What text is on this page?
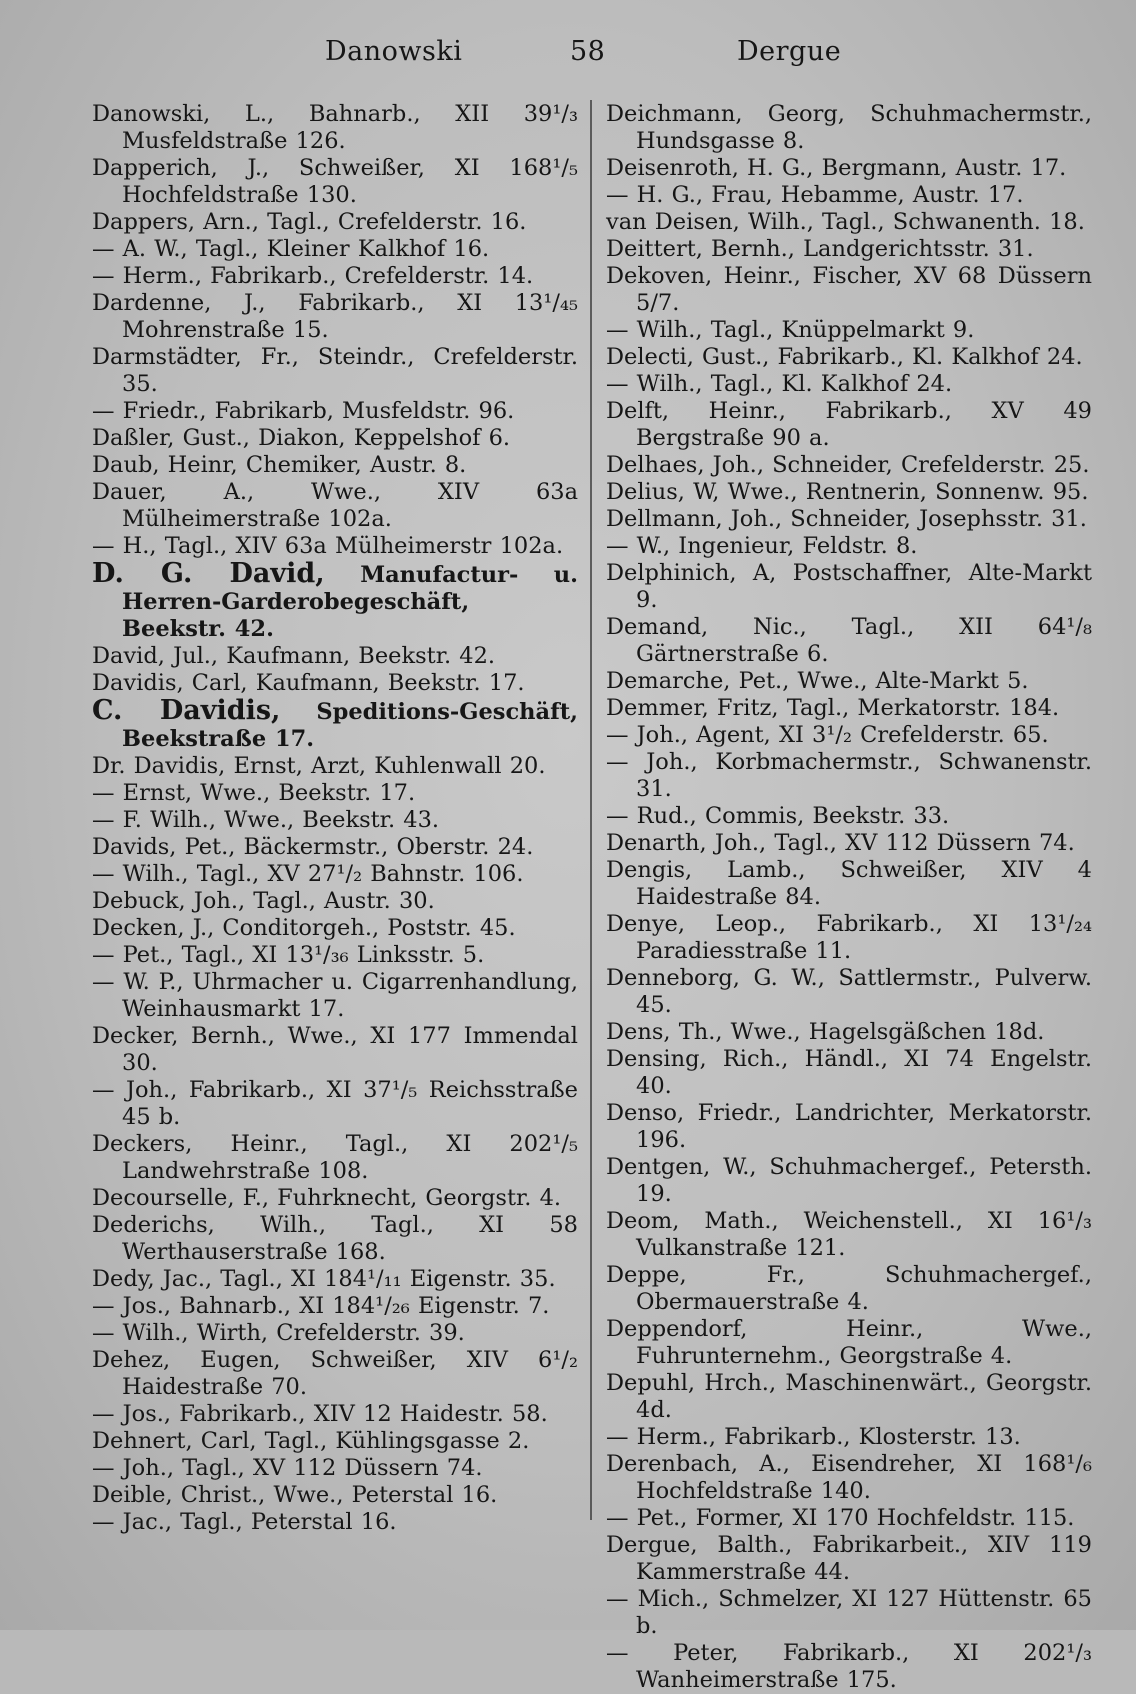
Danowski	58	Dergue
Danowski, L., Bahnarb., XII 39¹/₃ Musfeldstraße 126.
Dapperich, J., Schweißer, XI 168¹/₅ Hochfeldstraße 130.
Dappers, Arn., Tagl., Crefelderstr. 16.
— A. W., Tagl., Kleiner Kalkhof 16.
— Herm., Fabrikarb., Crefelderstr. 14.
Dardenne, J., Fabrikarb., XI 13¹/₄₅ Mohrenstraße 15.
Darmstädter, Fr., Steindr., Crefelderstr. 35.
— Friedr., Fabrikarb, Musfeldstr. 96.
Daßler, Gust., Diakon, Keppelshof 6.
Daub, Heinr, Chemiker, Austr. 8.
Dauer, A., Wwe., XIV 63a Mülheimerstraße 102a.
— H., Tagl., XIV 63a Mülheimerstr 102a.
D. G. David, Manufactur- u. Herren-Garderobegeschäft, Beekstr. 42.
David, Jul., Kaufmann, Beekstr. 42.
Davidis, Carl, Kaufmann, Beekstr. 17.
C. Davidis, Speditions-Geschäft, Beekstraße 17.
Dr. Davidis, Ernst, Arzt, Kuhlenwall 20.
— Ernst, Wwe., Beekstr. 17.
— F. Wilh., Wwe., Beekstr. 43.
Davids, Pet., Bäckermstr., Oberstr. 24.
— Wilh., Tagl., XV 27¹/₂ Bahnstr. 106.
Debuck, Joh., Tagl., Austr. 30.
Decken, J., Conditorgeh., Poststr. 45.
— Pet., Tagl., XI 13¹/₃₆ Linksstr. 5.
— W. P., Uhrmacher u. Cigarrenhandlung, Weinhausmarkt 17.
Decker, Bernh., Wwe., XI 177 Immendal 30.
— Joh., Fabrikarb., XI 37¹/₅ Reichsstraße 45 b.
Deckers, Heinr., Tagl., XI 202¹/₅ Landwehrstraße 108.
Decourselle, F., Fuhrknecht, Georgstr. 4.
Dederichs, Wilh., Tagl., XI 58 Werthauserstraße 168.
Dedy, Jac., Tagl., XI 184¹/₁₁ Eigenstr. 35.
— Jos., Bahnarb., XI 184¹/₂₆ Eigenstr. 7.
— Wilh., Wirth, Crefelderstr. 39.
Dehez, Eugen, Schweißer, XIV 6¹/₂ Haidestraße 70.
— Jos., Fabrikarb., XIV 12 Haidestr. 58.
Dehnert, Carl, Tagl., Kühlingsgasse 2.
— Joh., Tagl., XV 112 Düssern 74.
Deible, Christ., Wwe., Peterstal 16.
— Jac., Tagl., Peterstal 16.
Deichmann, Georg, Schuhmachermstr., Hundsgasse 8.
Deisenroth, H. G., Bergmann, Austr. 17.
— H. G., Frau, Hebamme, Austr. 17.
van Deisen, Wilh., Tagl., Schwanenth. 18.
Deittert, Bernh., Landgerichtsstr. 31.
Dekoven, Heinr., Fischer, XV 68 Düssern 5/7.
— Wilh., Tagl., Knüppelmarkt 9.
Delecti, Gust., Fabrikarb., Kl. Kalkhof 24.
— Wilh., Tagl., Kl. Kalkhof 24.
Delft, Heinr., Fabrikarb., XV 49 Bergstraße 90 a.
Delhaes, Joh., Schneider, Crefelderstr. 25.
Delius, W, Wwe., Rentnerin, Sonnenw. 95.
Dellmann, Joh., Schneider, Josephsstr. 31.
— W., Ingenieur, Feldstr. 8.
Delphinich, A, Postschaffner, Alte-Markt 9.
Demand, Nic., Tagl., XII 64¹/₈ Gärtnerstraße 6.
Demarche, Pet., Wwe., Alte-Markt 5.
Demmer, Fritz, Tagl., Merkatorstr. 184.
— Joh., Agent, XI 3¹/₂ Crefelderstr. 65.
— Joh., Korbmachermstr., Schwanenstr. 31.
— Rud., Commis, Beekstr. 33.
Denarth, Joh., Tagl., XV 112 Düssern 74.
Dengis, Lamb., Schweißer, XIV 4 Haidestraße 84.
Denye, Leop., Fabrikarb., XI 13¹/₂₄ Paradiesstraße 11.
Denneborg, G. W., Sattlermstr., Pulverw. 45.
Dens, Th., Wwe., Hagelsgäßchen 18d.
Densing, Rich., Händl., XI 74 Engelstr. 40.
Denso, Friedr., Landrichter, Merkatorstr. 196.
Dentgen, W., Schuhmachergef., Petersth. 19.
Deom, Math., Weichenstell., XI 16¹/₃ Vulkanstraße 121.
Deppe, Fr., Schuhmachergef., Obermauerstraße 4.
Deppendorf, Heinr., Wwe., Fuhrunternehm., Georgstraße 4.
Depuhl, Hrch., Maschinenwärt., Georgstr. 4d.
— Herm., Fabrikarb., Klosterstr. 13.
Derenbach, A., Eisendreher, XI 168¹/₆ Hochfeldstraße 140.
— Pet., Former, XI 170 Hochfeldstr. 115.
Dergue, Balth., Fabrikarbeit., XIV 119 Kammerstraße 44.
— Mich., Schmelzer, XI 127 Hüttenstr. 65 b.
— Peter, Fabrikarb., XI 202¹/₃ Wanheimerstraße 175.
